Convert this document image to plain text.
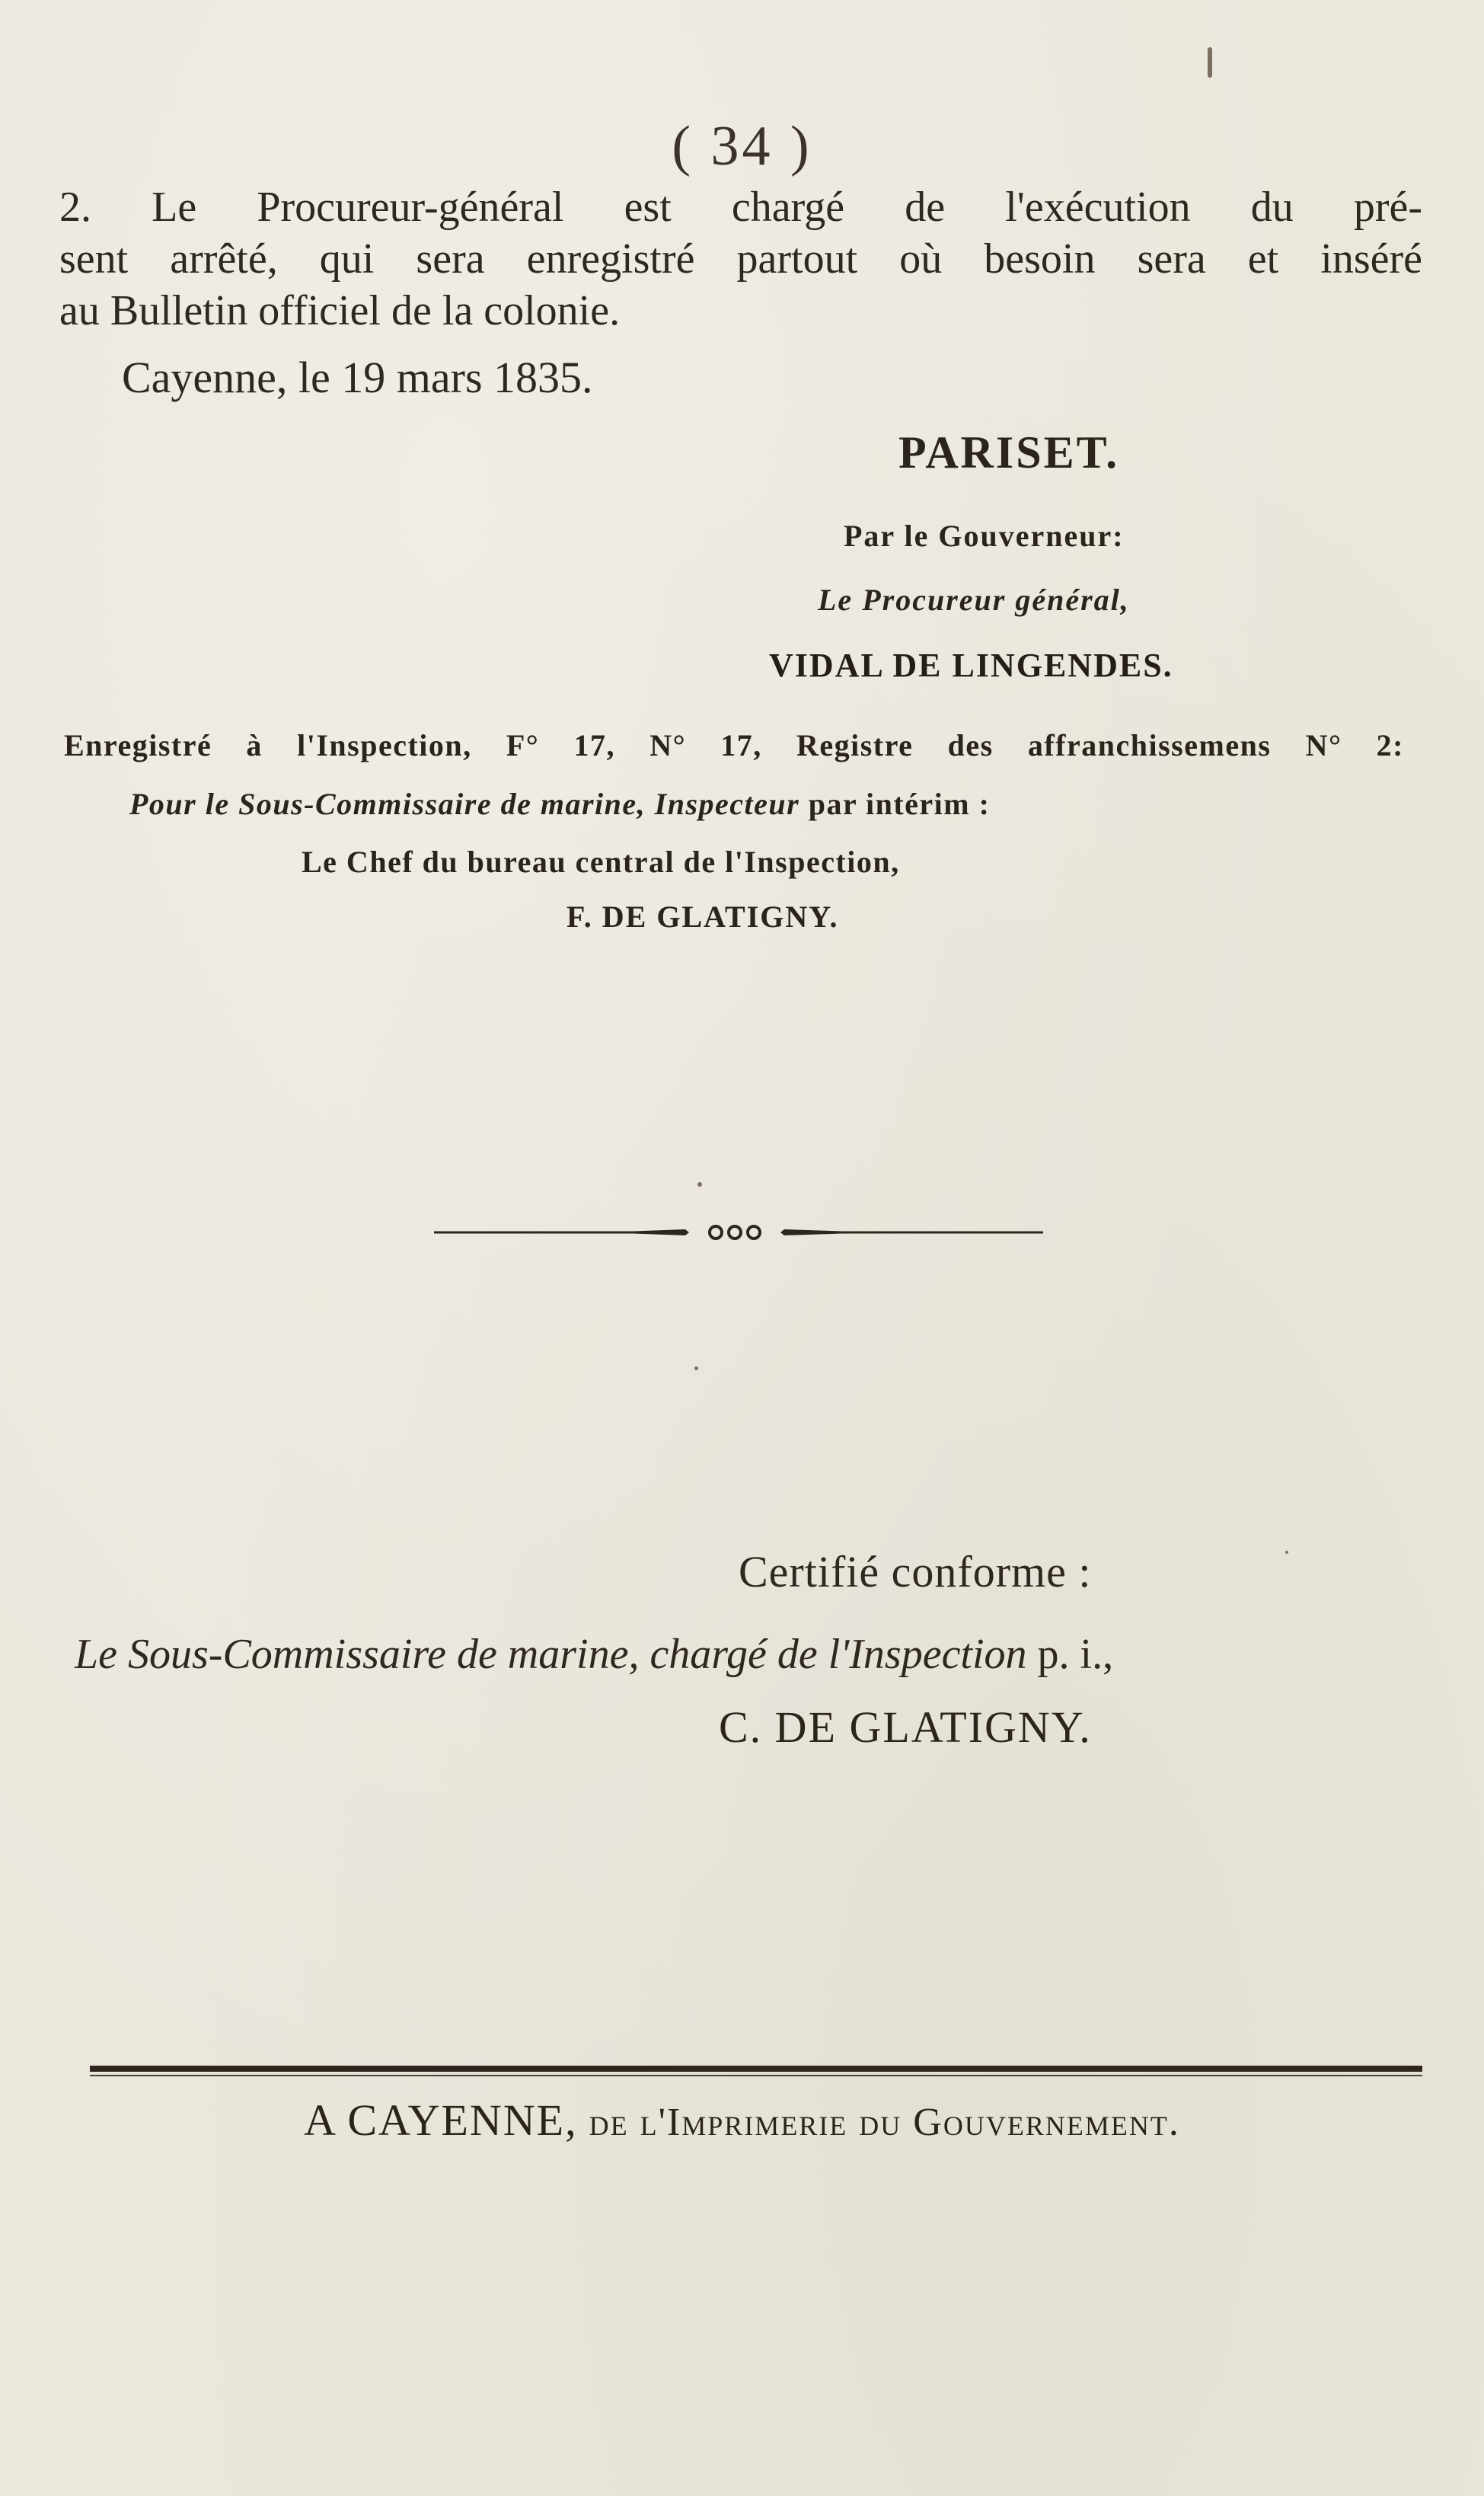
( 34 )
2. Le Procureur-général est chargé de l'exécution du pré-
sent arrêté, qui sera enregistré partout où besoin sera et inséré
au Bulletin officiel de la colonie.
Cayenne, le 19 mars 1835.
PARISET.
Par le Gouverneur:
Le Procureur général,
VIDAL DE LINGENDES.
Enregistré à l'Inspection, F° 17, N° 17, Registre des affranchissemens N° 2:
Pour le Sous-Commissaire de marine, Inspecteur par intérim :
Le Chef du bureau central de l'Inspection,
F. DE GLATIGNY.
Certifié conforme :
Le Sous-Commissaire de marine, chargé de l'Inspection p. i.,
C. DE GLATIGNY.
A CAYENNE, de l'Imprimerie du Gouvernement.
